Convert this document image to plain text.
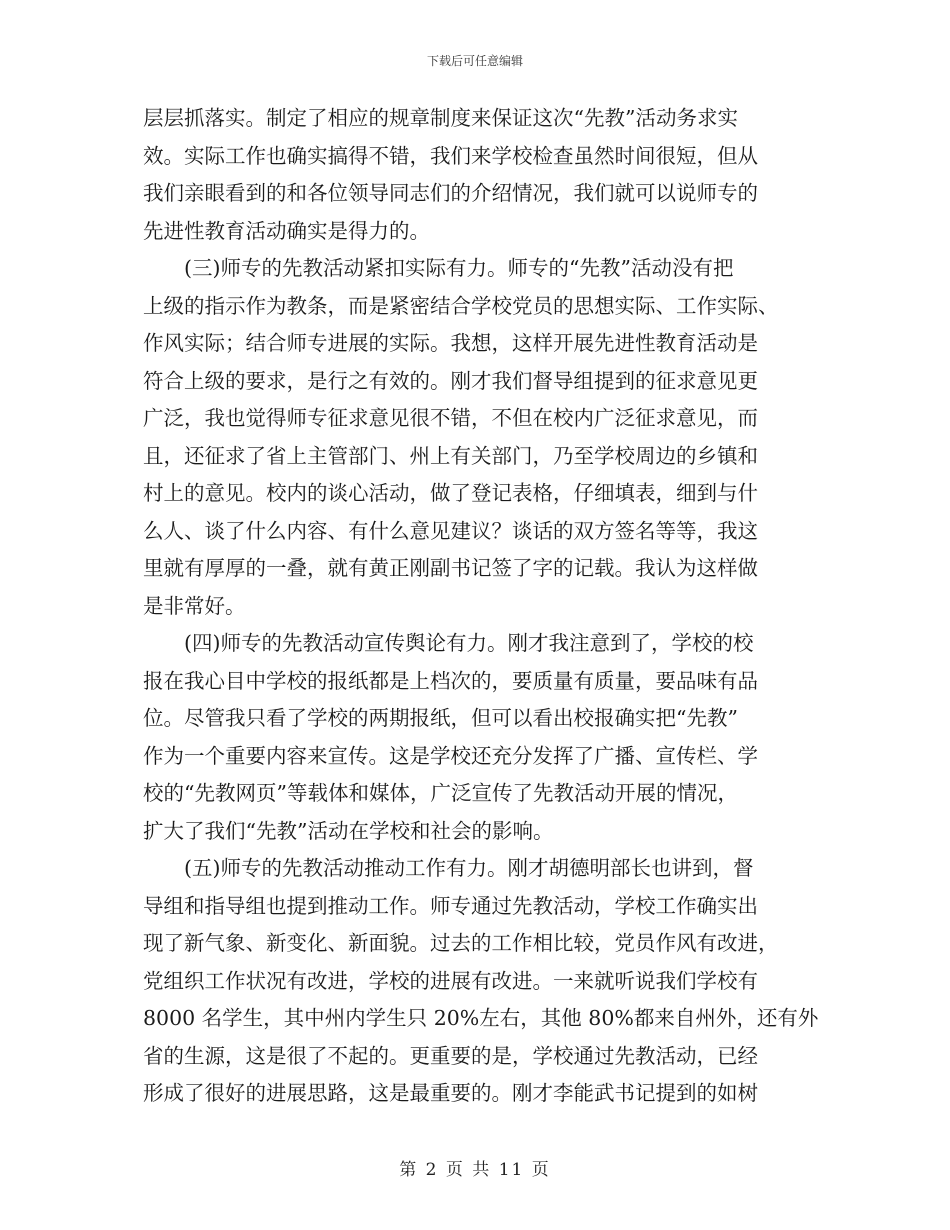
下载后可任意编辑
层层抓落实。制定了相应的规章制度来保证这次“先教”活动务求实
效。实际工作也确实搞得不错，我们来学校检查虽然时间很短，但从
我们亲眼看到的和各位领导同志们的介绍情况，我们就可以说师专的
先进性教育活动确实是得力的。
(三)师专的先教活动紧扣实际有力。师专的“先教”活动没有把
上级的指示作为教条，而是紧密结合学校党员的思想实际、工作实际、
作风实际；结合师专进展的实际。我想，这样开展先进性教育活动是
符合上级的要求，是行之有效的。刚才我们督导组提到的征求意见更
广泛，我也觉得师专征求意见很不错，不但在校内广泛征求意见，而
且，还征求了省上主管部门、州上有关部门，乃至学校周边的乡镇和
村上的意见。校内的谈心活动，做了登记表格，仔细填表，细到与什
么人、谈了什么内容、有什么意见建议？谈话的双方签名等等，我这
里就有厚厚的一叠，就有黄正刚副书记签了字的记载。我认为这样做
是非常好。
(四)师专的先教活动宣传舆论有力。刚才我注意到了，学校的校
报在我心目中学校的报纸都是上档次的，要质量有质量，要品味有品
位。尽管我只看了学校的两期报纸，但可以看出校报确实把“先教”
作为一个重要内容来宣传。这是学校还充分发挥了广播、宣传栏、学
校的“先教网页”等载体和媒体，广泛宣传了先教活动开展的情况，
扩大了我们“先教”活动在学校和社会的影响。
(五)师专的先教活动推动工作有力。刚才胡德明部长也讲到，督
导组和指导组也提到推动工作。师专通过先教活动，学校工作确实出
现了新气象、新变化、新面貌。过去的工作相比较，党员作风有改进，
党组织工作状况有改进，学校的进展有改进。一来就听说我们学校有
8000 名学生，其中州内学生只 20%左右，其他 80%都来自州外，还有外
省的生源，这是很了不起的。更重要的是，学校通过先教活动，已经
形成了很好的进展思路，这是最重要的。刚才李能武书记提到的如树
第 2 页 共 11 页
